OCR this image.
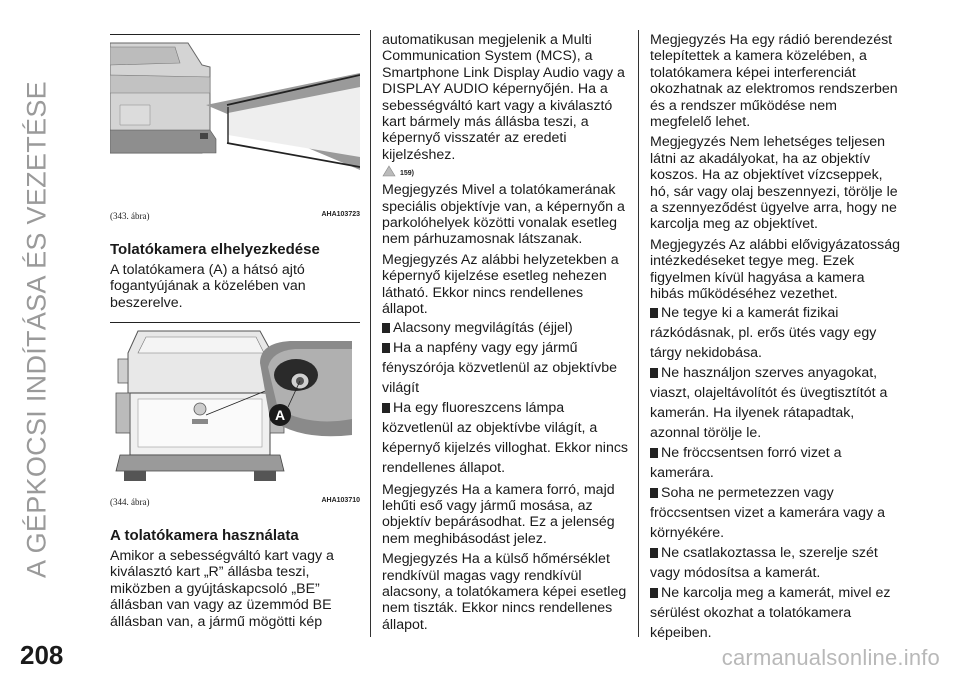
A GÉPKOCSI INDÍTÁSA ÉS VEZETÉSE
208	carmanualsonline.info
(343. ábra)	AHA103723
Tolatókamera elhelyezkedése

A tolatókamera (A) a hátsó ajtó fogantyújának a közelében van beszerelve.

A
(344. ábra)	AHA103710
A tolatókamera használata

Amikor a sebességváltó kart vagy a kiválasztó kart „R” állásba teszi, miközben a gyújtáskapcsoló „BE” állásban van vagy az üzemmód BE állásban van, a jármű mögötti kép

automatikusan megjelenik a Multi Communication System (MCS), a Smartphone Link Display Audio vagy a DISPLAY AUDIO képernyőjén. Ha a sebességváltó kart vagy a kiválasztó kart bármely más állásba teszi, a képernyő visszatér az eredeti kijelzéshez.

159)

Megjegyzés Mivel a tolatókamerának speciális objektívje van, a képernyőn a parkolóhelyek közötti vonalak esetleg nem párhuzamosnak látszanak.

Megjegyzés Az alábbi helyzetekben a képernyő kijelzése esetleg nehezen látható. Ekkor nincs rendellenes állapot.

Alacsony megvilágítás (éjjel)

Ha a napfény vagy egy jármű fényszórója közvetlenül az objektívbe világít

Ha egy fluoreszcens lámpa közvetlenül az objektívbe világít, a képernyő kijelzés villoghat. Ekkor nincs rendellenes állapot.

Megjegyzés Ha a kamera forró, majd lehűti eső vagy jármű mosása, az objektív bepárásodhat. Ez a jelenség nem meghibásodást jelez.

Megjegyzés Ha a külső hőmérséklet rendkívül magas vagy rendkívül alacsony, a tolatókamera képei esetleg nem tiszták. Ekkor nincs rendellenes állapot.

Megjegyzés Ha egy rádió berendezést telepítettek a kamera közelében, a tolatókamera képei interferenciát okozhatnak az elektromos rendszerben és a rendszer működése nem megfelelő lehet.

Megjegyzés Nem lehetséges teljesen látni az akadályokat, ha az objektív koszos. Ha az objektívet vízcseppek, hó, sár vagy olaj beszennyezi, törölje le a szennyeződést ügyelve arra, hogy ne karcolja meg az objektívet.

Megjegyzés Az alábbi elővigyázatosság intézkedéseket tegye meg. Ezek figyelmen kívül hagyása a kamera hibás működéséhez vezethet.

Ne tegye ki a kamerát fizikai rázkódásnak, pl. erős ütés vagy egy tárgy nekidobása.

Ne használjon szerves anyagokat, viaszt, olajeltávolítót és üvegtisztítót a kamerán. Ha ilyenek rátapadtak, azonnal törölje le.

Ne fröccsentsen forró vizet a kamerára.

Soha ne permetezzen vagy fröccsentsen vizet a kamerára vagy a környékére.

Ne csatlakoztassa le, szerelje szét vagy módosítsa a kamerát.

Ne karcolja meg a kamerát, mivel ez sérülést okozhat a tolatókamera képeiben.
